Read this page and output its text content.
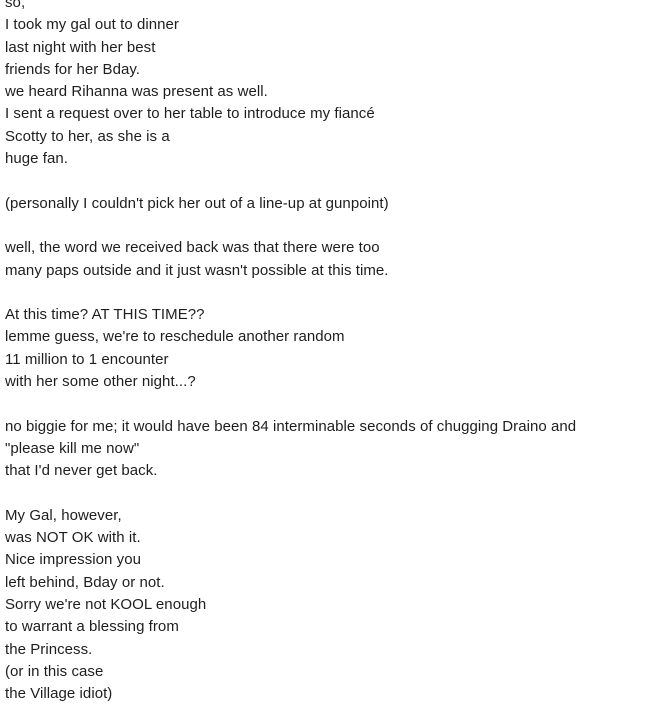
so,
I took my gal out to dinner
last night with her best
friends for her Bday.
we heard Rihanna was present as well.
I sent a request over to her table to introduce my fiancé
Scotty to her, as she is a
huge fan.
(personally I couldn't pick her out of a line-up at gunpoint)
well, the word we received back was that there were too
many paps outside and it just wasn't possible at this time.
At this time? AT THIS TIME??
lemme guess, we're to reschedule another random
11 million to 1 encounter
with her some other night...?
no biggie for me; it would have been 84 interminable seconds of chugging Draino and
"please kill me now"
that I'd never get back.
My Gal, however,
was NOT OK with it.
Nice impression you
left behind, Bday or not.
Sorry we're not KOOL enough
to warrant a blessing from
the Princess.
(or in this case
the Village idiot)
